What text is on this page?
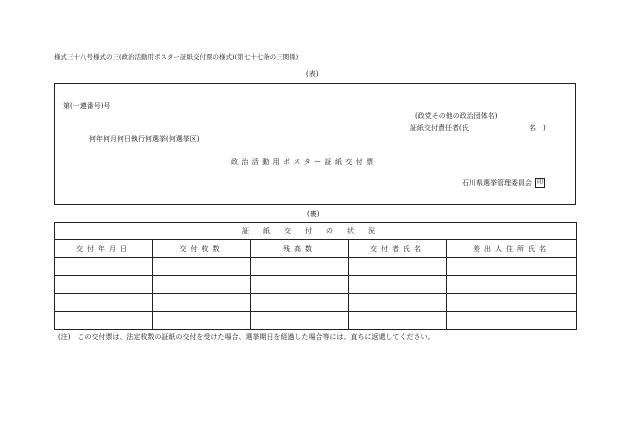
様式三十八号様式の三(政治活動用ポスター証紙交付票の様式)(第七十七条の三関係)
(表)
第(一連番号)号
(政党その他の政治団体名)
証紙交付責任者(氏	名　)
何年何月何日執行何選挙(何選挙区)
政治活動用ポスター証紙交付票
石川県選挙管理委員会 印
(裏)
証紙交付の状況				
交付年月日	交付枚数	残高数	交付者氏名	差出人住所氏名

(注)　この交付票は、法定枚数の証紙の交付を受けた場合、選挙期日を経過した場合等には、直ちに返還してください。
